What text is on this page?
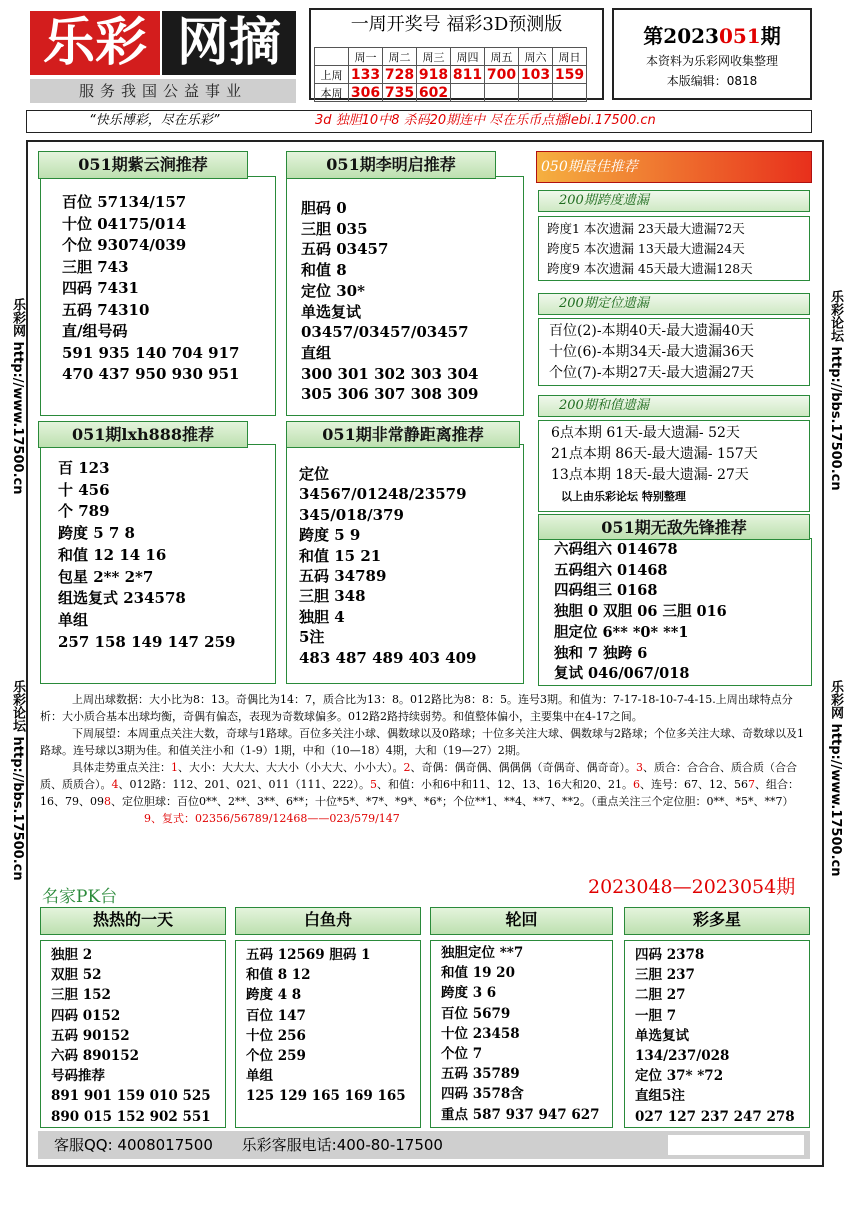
乐彩 网摘
服务我国公益事业
一周开奖号 福彩3D预测版
	周一	周二	周三	周四	周五	周六	周日
上周	133	728	918	811	700	103	159
本周	306	735	602				
第2023051期
本资料为乐彩网收集整理
本版编辑：0818
“快乐博彩，尽在乐彩”	3d 独胆10中8 杀码20期连中 尽在乐币点播lebi.17500.cn
乐彩网 http://www.17500.cn
乐彩论坛 http://bbs.17500.cn
乐彩论坛 http://bbs.17500.cn
乐彩网 http://www.17500.cn
051期紫云涧推荐
百位 57134/157
十位 04175/014
个位 93074/039
三胆 743
四码 7431
五码 74310
直/组号码
591 935 140 704 917
470 437 950 930 951
051期李明启推荐
胆码 0
三胆 035
五码 03457
和值 8
定位 30*
单选复试
03457/03457/03457
直组
300 301 302 303 304
305 306 307 308 309
051期lxh888推荐
百 123
十 456
个 789
跨度 5 7 8
和值 12 14 16
包星 2** 2*7
组选复式 234578
单组
257 158 149 147 259
051期非常静距离推荐
定位
34567/01248/23579
345/018/379
跨度 5 9
和值 15 21
五码 34789
三胆 348
独胆 4
5注
483 487 489 403 409
050期最佳推荐
200期跨度遗漏
跨度1 本次遗漏 23天最大遗漏72天
跨度5 本次遗漏 13天最大遗漏24天
跨度9 本次遗漏 45天最大遗漏128天
200期定位遗漏
百位(2)-本期40天-最大遗漏40天
十位(6)-本期34天-最大遗漏36天
个位(7)-本期27天-最大遗漏27天
200期和值遗漏
6点本期 61天-最大遗漏- 52天
21点本期 86天-最大遗漏- 157天
13点本期 18天-最大遗漏- 27天
以上由乐彩论坛 特别整理
051期无敌先锋推荐
六码组六 014678
五码组六 01468
四码组三 0168
独胆 0 双胆 06 三胆 016
胆定位 6** *0* **1
独和 7 独跨 6
复试 046/067/018

上周出球数据：大小比为8：13。奇偶比为14：7，质合比为13：8。012路比为8：8：5。连号3期。和值为：7-17-18-10-7-4-15.上周出球特点分析：大小质合基本出球均衡，奇偶有偏态，表现为奇数球偏多。012路2路持续弱势。和值整体偏小，主要集中在4-17之间。

下周展望：本周重点关注大数，奇球与1路球。百位多关注小球、偶数球以及0路球；十位多关注大球、偶数球与2路球；个位多关注大球、奇数球以及1路球。连号球以3期为佳。和值关注小和（1-9）1期，中和（10—18）4期，大和（19—27）2期。

具体走势重点关注：1、大小：大大大、大大小（小大大、小小大）。2、奇偶：偶奇偶、偶偶偶（奇偶奇、偶奇奇）。3、质合：合合合、质合质（合合质、质质合）。4、012路：112、201、021、011（111、222）。5、和值：小和6中和11、12、13、16大和20、21。6、连号：67、12、567、组合：16、79、098、定位胆球：百位0**、2**、3**、6**；十位*5*、*7*、*9*、*6*；个位**1、**4、**7、**2。（重点关注三个定位胆：0**、*5*、**7）

9、复式：02356/56789/12468——023/579/147

名家PK台	2023048—2023054期
热热的一天
独胆 2
双胆 52
三胆 152
四码 0152
五码 90152
六码 890152
号码推荐
891 901 159 010 525
890 015 152 902 551
白鱼舟
五码 12569 胆码 1
和值 8 12
跨度 4 8
百位 147
十位 256
个位 259
单组
125 129 165 169 165
轮回
独胆定位 **7
和值 19 20
跨度 3 6
百位 5679
十位 23458
个位 7
五码 35789
四码 3578含
重点 587 937 947 627
彩多星
四码 2378
三胆 237
二胆 27
一胆 7
单选复试
134/237/028
定位 37* *72
直组5注
027 127 237 247 278
客服QQ: 4008017500 乐彩客服电话:400-80-17500
